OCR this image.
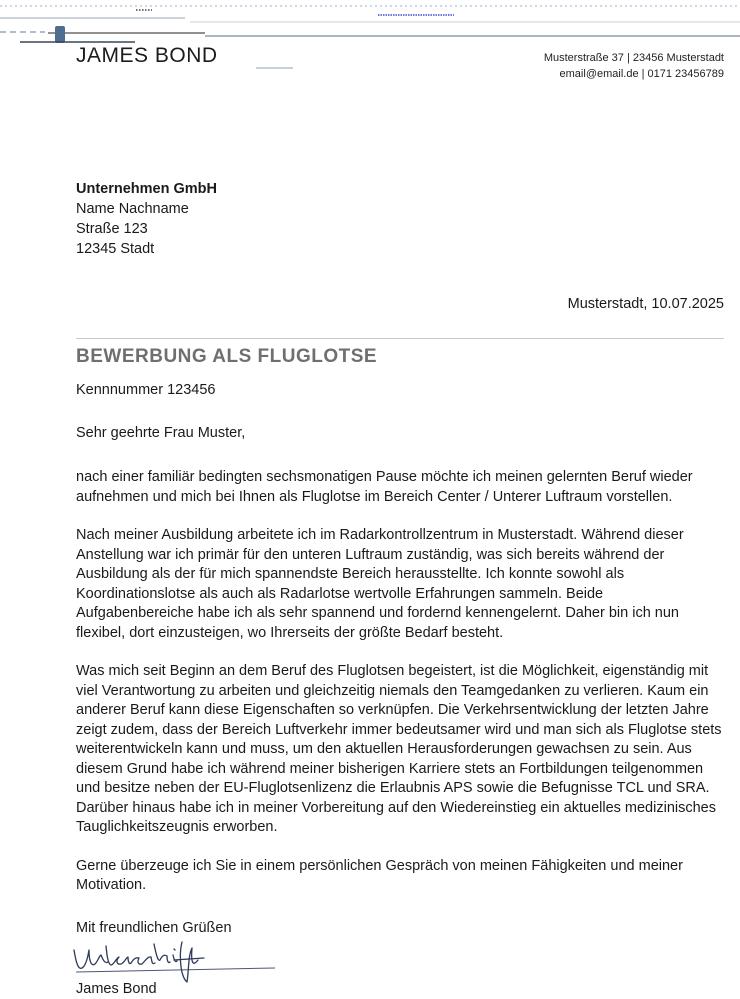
JAMES BOND	Musterstraße 37 | 23456 Musterstadt
email@email.de | 0171 23456789
Unternehmen GmbH
Name Nachname
Straße 123
12345 Stadt
Musterstadt, 10.07.2025
BEWERBUNG ALS FLUGLOTSE
Kennnummer 123456
Sehr geehrte Frau Muster,

nach einer familiär bedingten sechsmonatigen Pause möchte ich meinen gelernten Beruf wieder aufnehmen und mich bei Ihnen als Fluglotse im Bereich Center / Unterer Luftraum vorstellen.

Nach meiner Ausbildung arbeitete ich im Radarkontrollzentrum in Musterstadt. Während dieser Anstellung war ich primär für den unteren Luftraum zuständig, was sich bereits während der Ausbildung als der für mich spannendste Bereich herausstellte. Ich konnte sowohl als Koordinationslotse als auch als Radarlotse wertvolle Erfahrungen sammeln. Beide Aufgabenbereiche habe ich als sehr spannend und fordernd kennengelernt. Daher bin ich nun flexibel, dort einzusteigen, wo Ihrerseits der größte Bedarf besteht.

Was mich seit Beginn an dem Beruf des Fluglotsen begeistert, ist die Möglichkeit, eigenständig mit viel Verantwortung zu arbeiten und gleichzeitig niemals den Teamgedanken zu verlieren. Kaum ein anderer Beruf kann diese Eigenschaften so verknüpfen. Die Verkehrsentwicklung der letzten Jahre zeigt zudem, dass der Bereich Luftverkehr immer bedeutsamer wird und man sich als Fluglotse stets weiterentwickeln kann und muss, um den aktuellen Herausforderungen gewachsen zu sein. Aus diesem Grund habe ich während meiner bisherigen Karriere stets an Fortbildungen teilgenommen und besitze neben der EU-Fluglotsenlizenz die Erlaubnis APS sowie die Befugnisse TCL und SRA. Darüber hinaus habe ich in meiner Vorbereitung auf den Wiedereinstieg ein aktuelles medizinisches Tauglichkeitszeugnis erworben.

Gerne überzeuge ich Sie in einem persönlichen Gespräch von meinen Fähigkeiten und meiner Motivation.

Mit freundlichen Grüßen
James Bond
